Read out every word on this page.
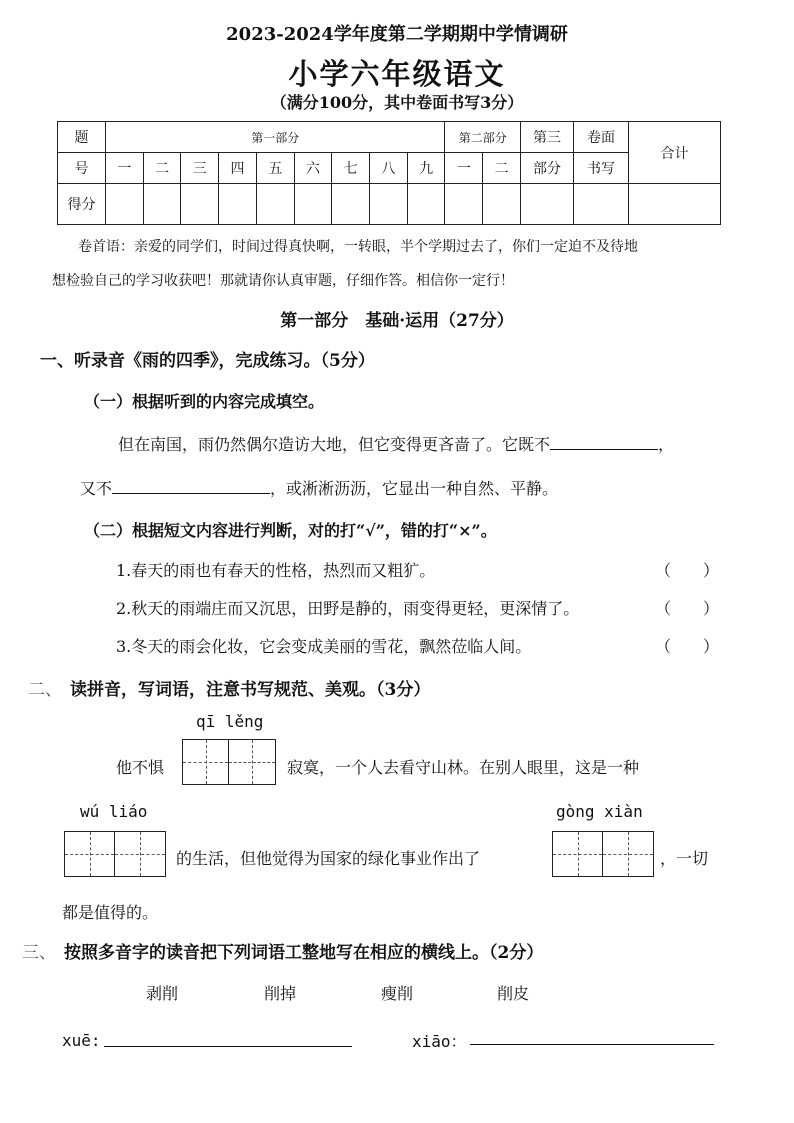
2023-2024学年度第二学期期中学情调研
小学六年级语文
（满分100分，其中卷面书写3分）
题	第一部分									第二部分		第三	卷面	合计
号	一	二	三	四	五	六	七	八	九	一	二	部分	书写	
得分														
卷首语：亲爱的同学们，时间过得真快啊，一转眼，半个学期过去了，你们一定迫不及待地
想检验自己的学习收获吧！那就请你认真审题，仔细作答。相信你一定行！
第一部分　基础·运用（27分）
一、听录音《雨的四季》，完成练习。（5分）
（一）根据听到的内容完成填空。
但在南国，雨仍然偶尔造访大地，但它变得更吝啬了。它既不	，
又不	，或淅淅沥沥，它显出一种自然、平静。
（二）根据短文内容进行判断，对的打“√”，错的打“×”。
1.春天的雨也有春天的性格，热烈而又粗犷。	（　　）
2.秋天的雨端庄而又沉思，田野是静的，雨变得更轻，更深情了。	（　　）
3.冬天的雨会化妆，它会变成美丽的雪花，飘然莅临人间。	（　　）
二、 读拼音，写词语，注意书写规范、美观。（3分）
qī lěng
他不惧	寂寞，一个人去看守山林。在别人眼里，这是一种
wú liáo	gòng xiàn
的生活，但他觉得为国家的绿化事业作出了	，一切
都是值得的。
三、 按照多音字的读音把下列词语工整地写在相应的横线上。（2分）
剥削	削掉	瘦削	削皮
xuē:	xiāo：
